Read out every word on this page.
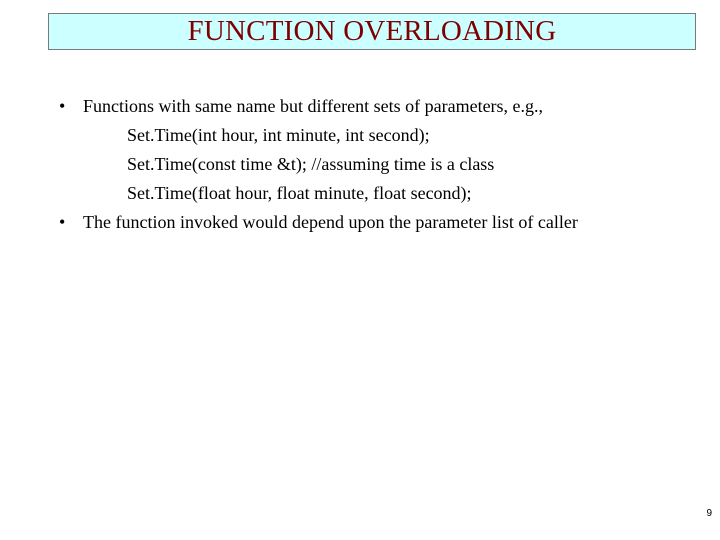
FUNCTION OVERLOADING
• Functions with same name but different sets of parameters, e.g.,
Set.Time(int hour, int minute, int second);
Set.Time(const time &t); //assuming time is a class
Set.Time(float hour, float minute, float second);
• The function invoked would depend upon the parameter list of caller
9
